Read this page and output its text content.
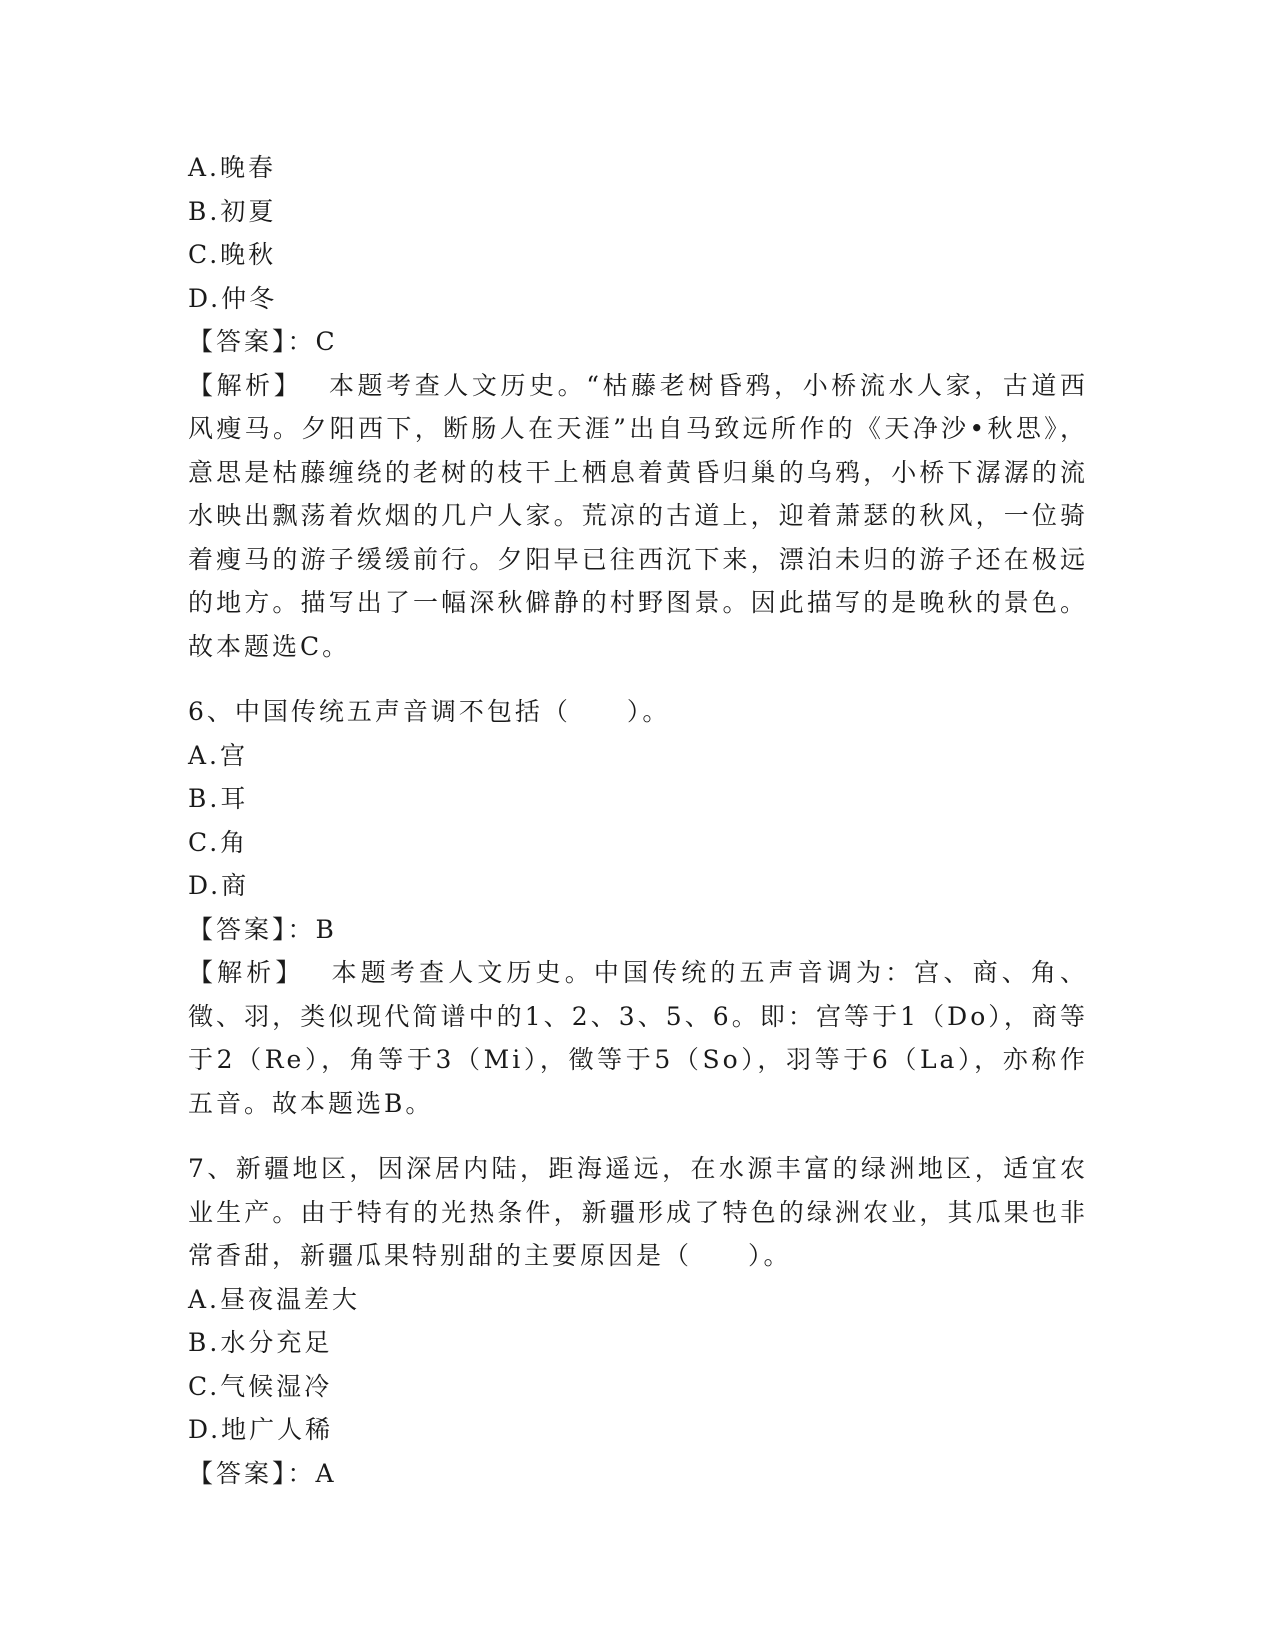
A.晚春
B.初夏
C.晚秋
D.仲冬
【答案】：C
【解析】 本题考查人文历史。“枯藤老树昏鸦，小桥流水人家，古道西风瘦马。夕阳西下，断肠人在天涯”出自马致远所作的《天净沙•秋思》，意思是枯藤缠绕的老树的枝干上栖息着黄昏归巢的乌鸦，小桥下潺潺的流水映出飘荡着炊烟的几户人家。荒凉的古道上，迎着萧瑟的秋风，一位骑着瘦马的游子缓缓前行。夕阳早已往西沉下来，漂泊未归的游子还在极远的地方。描写出了一幅深秋僻静的村野图景。因此描写的是晚秋的景色。故本题选C。
6、中国传统五声音调不包括（　　）。
A.宫
B.耳
C.角
D.商
【答案】：B
【解析】 本题考查人文历史。中国传统的五声音调为：宫、商、角、徵、羽，类似现代简谱中的1、2、3、5、6。即：宫等于1（Do），商等于2（Re），角等于3（Mi），徵等于5（So），羽等于6（La），亦称作五音。故本题选B。
7、新疆地区，因深居内陆，距海遥远，在水源丰富的绿洲地区，适宜农业生产。由于特有的光热条件，新疆形成了特色的绿洲农业，其瓜果也非常香甜，新疆瓜果特别甜的主要原因是（　　）。
A.昼夜温差大
B.水分充足
C.气候湿冷
D.地广人稀
【答案】：A
